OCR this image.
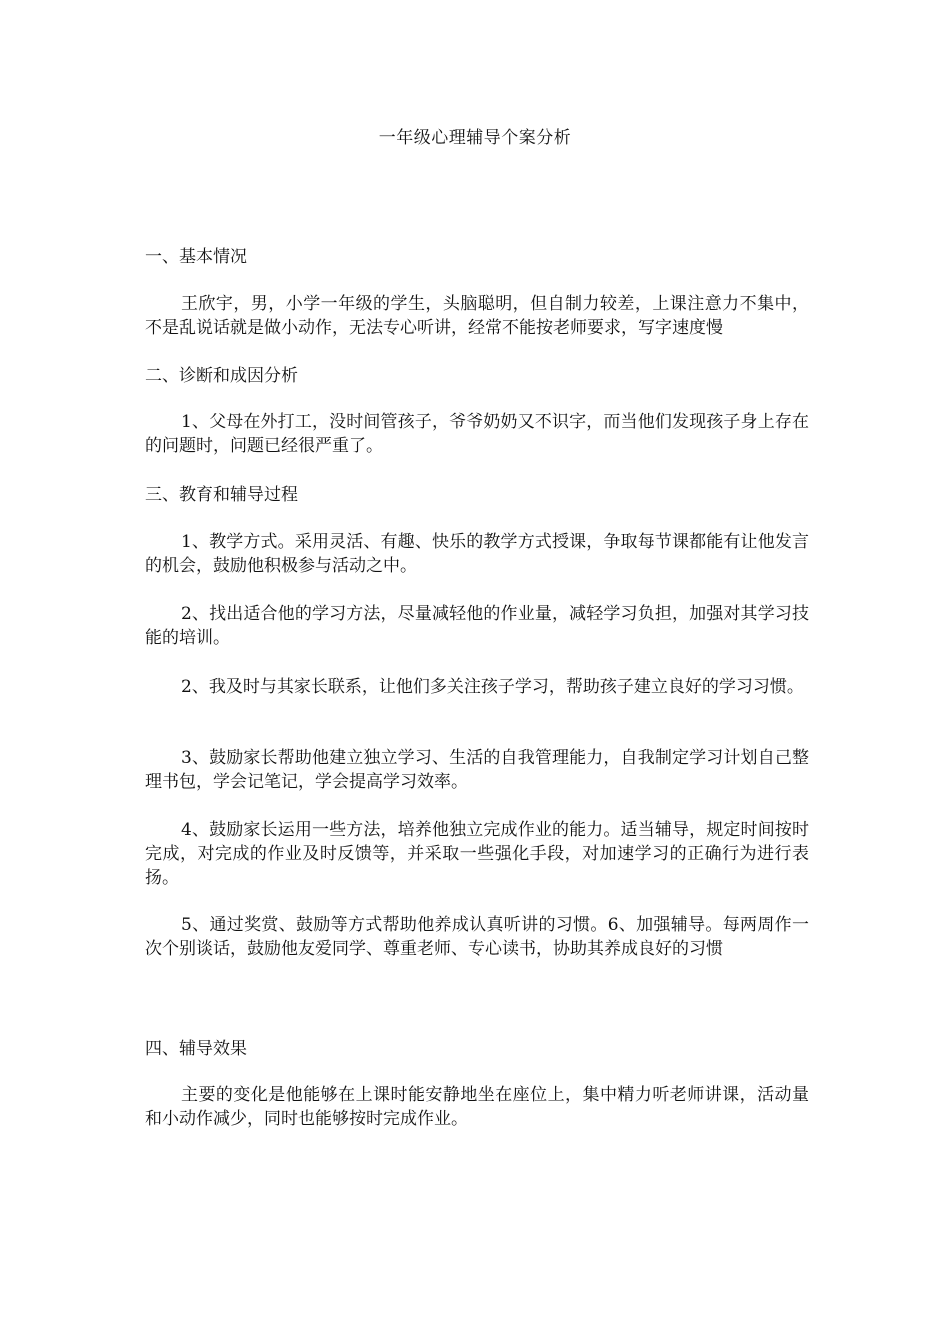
一年级心理辅导个案分析
一、基本情况

王欣宇，男，小学一年级的学生，头脑聪明，但自制力较差，上课注意力不集中，不是乱说话就是做小动作，无法专心听讲，经常不能按老师要求，写字速度慢

二、诊断和成因分析

1、父母在外打工，没时间管孩子，爷爷奶奶又不识字，而当他们发现孩子身上存在的问题时，问题已经很严重了。

三、教育和辅导过程

1、教学方式。采用灵活、有趣、快乐的教学方式授课，争取每节课都能有让他发言的机会，鼓励他积极参与活动之中。

2、找出适合他的学习方法，尽量减轻他的作业量，减轻学习负担，加强对其学习技能的培训。

2、我及时与其家长联系，让他们多关注孩子学习，帮助孩子建立良好的学习习惯。

3、鼓励家长帮助他建立独立学习、生活的自我管理能力，自我制定学习计划自己整理书包，学会记笔记，学会提高学习效率。

4、鼓励家长运用一些方法，培养他独立完成作业的能力。适当辅导，规定时间按时完成，对完成的作业及时反馈等，并采取一些强化手段，对加速学习的正确行为进行表扬。

5、通过奖赏、鼓励等方式帮助他养成认真听讲的习惯。6、加强辅导。每两周作一次个别谈话，鼓励他友爱同学、尊重老师、专心读书，协助其养成良好的习惯

四、辅导效果

主要的变化是他能够在上课时能安静地坐在座位上，集中精力听老师讲课，活动量和小动作减少，同时也能够按时完成作业。
